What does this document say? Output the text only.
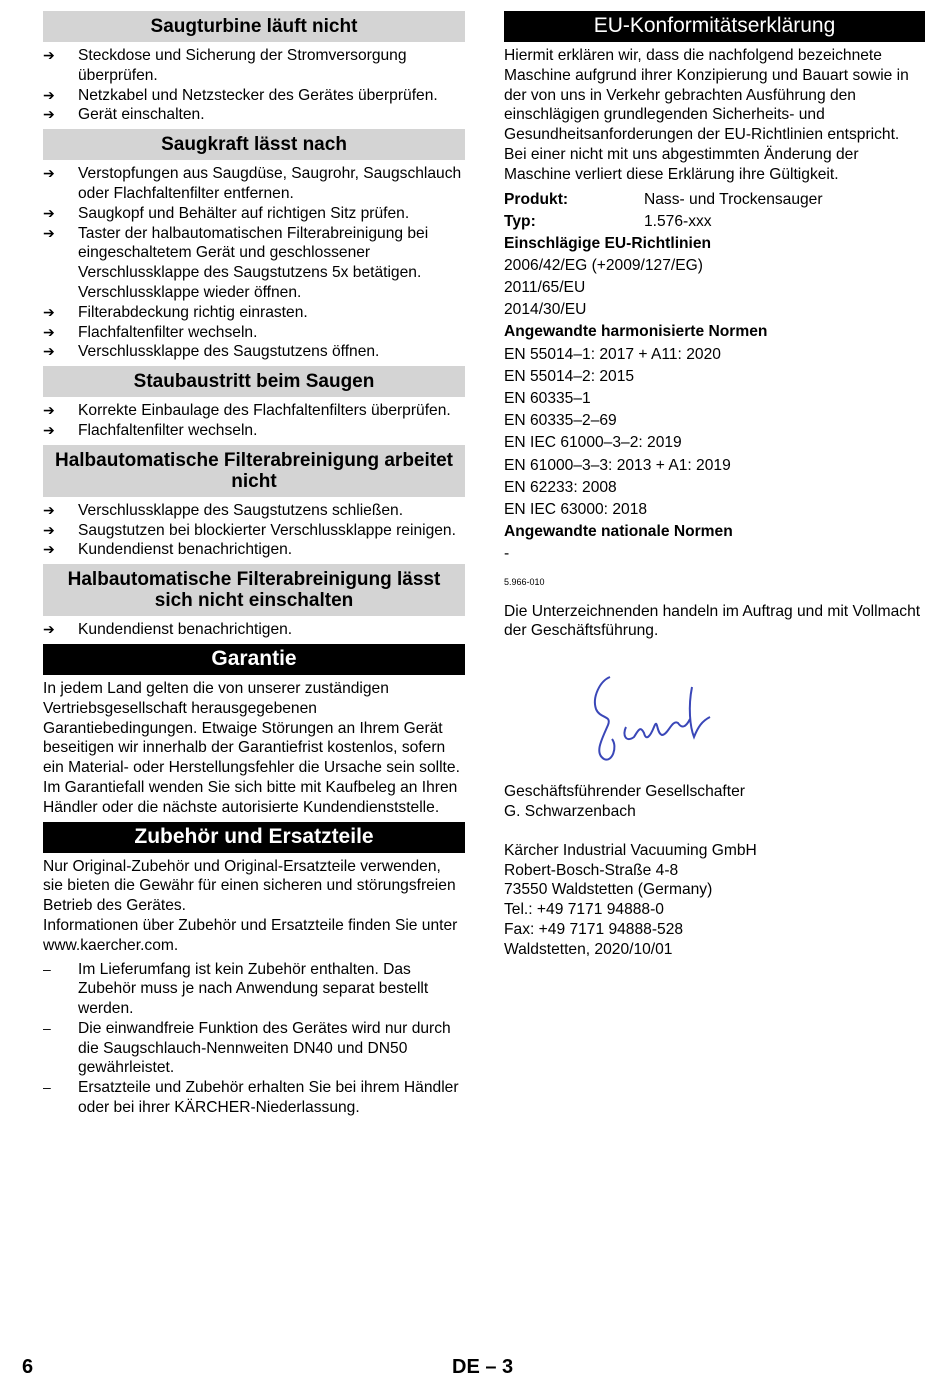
Saugturbine läuft nicht
➔	Steckdose und Sicherung der Stromversorgung überprüfen.
➔	Netzkabel und Netzstecker des Gerätes überprüfen.
➔	Gerät einschalten.
Saugkraft lässt nach
➔	Verstopfungen aus Saugdüse, Saugrohr, Saugschlauch oder Flachfaltenfilter entfernen.
➔	Saugkopf und Behälter auf richtigen Sitz prüfen.
➔	Taster der halbautomatischen Filterabreinigung bei eingeschaltetem Gerät und geschlossener Verschlussklappe des Saugstutzens 5x betätigen. Verschlussklappe wieder öffnen.
➔	Filterabdeckung richtig einrasten.
➔	Flachfaltenfilter wechseln.
➔	Verschlussklappe des Saugstutzens öffnen.
Staubaustritt beim Saugen
➔	Korrekte Einbaulage des Flachfaltenfilters überprüfen.
➔	Flachfaltenfilter wechseln.
Halbautomatische Filterabreinigung arbeitet nicht
➔	Verschlussklappe des Saugstutzens schließen.
➔	Saugstutzen bei blockierter Verschlussklappe reinigen.
➔	Kundendienst benachrichtigen.
Halbautomatische Filterabreinigung lässt sich nicht einschalten
➔	Kundendienst benachrichtigen.
Garantie

In jedem Land gelten die von unserer zuständigen Vertriebsgesellschaft herausgegebenen Garantiebedingungen. Etwaige Störungen an Ihrem Gerät beseitigen wir innerhalb der Garantiefrist kostenlos, sofern ein Material- oder Herstellungsfehler die Ursache sein sollte. Im Garantiefall wenden Sie sich bitte mit Kaufbeleg an Ihren Händler oder die nächste autorisierte Kundendienststelle.

Zubehör und Ersatzteile

Nur Original-Zubehör und Original-Ersatzteile verwenden, sie bieten die Gewähr für einen sicheren und störungsfreien Betrieb des Gerätes.

Informationen über Zubehör und Ersatzteile finden Sie unter www.kaercher.com.

–	Im Lieferumfang ist kein Zubehör enthalten. Das Zubehör muss je nach Anwendung separat bestellt werden.
–	Die einwandfreie Funktion des Gerätes wird nur durch die Saugschlauch-Nennweiten DN40 und DN50 gewährleistet.
–	Ersatzteile und Zubehör erhalten Sie bei ihrem Händler oder bei ihrer KÄRCHER-Niederlassung.
EU-Konformitätserklärung

Hiermit erklären wir, dass die nachfolgend bezeichnete Maschine aufgrund ihrer Konzipierung und Bauart sowie in der von uns in Verkehr gebrachten Ausführung den einschlägigen grundlegenden Sicherheits- und Gesundheitsanforderungen der EU-Richtlinien entspricht. Bei einer nicht mit uns abgestimmten Änderung der Maschine verliert diese Erklärung ihre Gültigkeit.

Produkt:	Nass- und Trockensauger
Typ:	1.576-xxx
Einschlägige EU-Richtlinien
2006/42/EG (+2009/127/EG)
2011/65/EU
2014/30/EU
Angewandte harmonisierte Normen
EN 55014–1: 2017 + A11: 2020
EN 55014–2: 2015
EN 60335–1
EN 60335–2–69
EN IEC 61000–3–2: 2019
EN 61000–3–3: 2013 + A1: 2019
EN 62233: 2008
EN IEC 63000: 2018
Angewandte nationale Normen
-
5.966-010

Die Unterzeichnenden handeln im Auftrag und mit Vollmacht der Geschäftsführung.

Geschäftsführender Gesellschafter
G. Schwarzenbach
Kärcher Industrial Vacuuming GmbH
Robert-Bosch-Straße 4-8
73550 Waldstetten (Germany)
Tel.: +49 7171 94888-0
Fax: +49 7171 94888-528
Waldstetten, 2020/10/01
6	DE – 3
